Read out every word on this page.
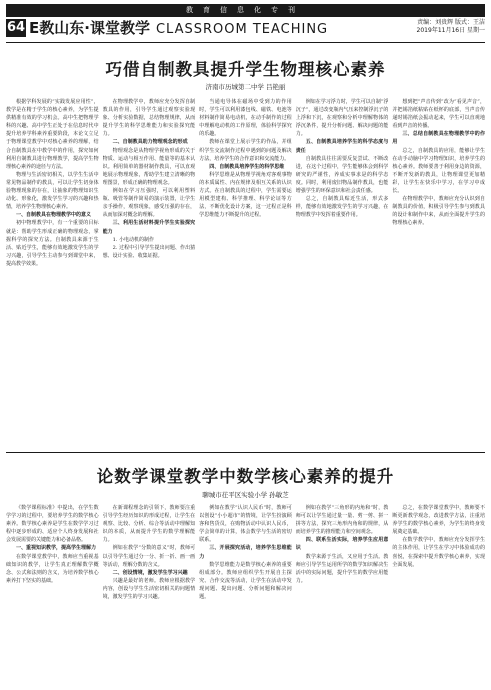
教育信息化专刊
64 E教山东·课堂教学 CLASSROOM TEACHING	责编：刘贵辉 版式：王洁
2019年11月16日 星期一
巧借自制教具提升学生物理核心素养
济南市历城第二中学 吕艳丽

根据学科发展的“实践发展应用性”，教学是在精于学生的核心素养，为学生提供精准有效的学习机会。高中生把物理学科的兴趣、高中学生正处于在信息时代中提升培养学科素养重要阶段，本论文立足于物理课堂教学中对核心素养的理解，结合自制教具在中教学中的作用，探究如何利用自制教具进行物理教学，提高学生物理核心素养的途径与方法。

物理与生活密切相关，以学生生活中常见物品制作的教具，可以让学生切身体验物理现象的存在，让抽象的物理知识生动化、形象化，激发学生学习的兴趣和热情，培养学生物理核心素养。

一、自制教具在物理教学中的意义

初中物理教学中，有一个重要的目标就是：帮助学生形成正确的物理观念，掌握科学的探究方法。自制教具来源于生活、贴近学生，能够有效地激发学生的学习兴趣，引导学生主动参与到课堂中来，提高教学效果。

在物理教学中，教师应充分发挥自制教具的作用，引导学生通过观察实验现象、分析实验数据，总结物理规律，从而提升学生的科学思维能力和实验探究能力。

二、自制教具助力物理观念的形成

物理观念是从物理学视角形成的关于物质、运动与相互作用、能量等的基本认识。利用简单的器材制作教具，可以直观地展示物理现象，帮助学生建立清晰的物理图景，形成正确的物理观念。

例如在学习压强时，可以利用塑料瓶、吸管等制作简易的演示装置，让学生亲手操作，观察现象，感受压强的存在，从而加深对概念的理解。

三、利用生活材料提升学生实验探究能力

1. 小电动机的制作

2. 过程中引导学生提出问题、作出猜想、设计实验、收集证据。

当通电导体在磁场中受到力的作用时，学生可以利用漆包线、磁铁、电池等材料制作简易电动机，在动手制作的过程中理解电动机的工作原理，体验科学探究的乐趣。

教师在课堂上展示学生的作品，并组织学生交流制作过程中遇到的问题及解决方法，培养学生的合作意识和交流能力。

四、自制教具培养学生的科学思维

科学思维是从物理学视角对客观事物的本质属性、内在规律及相互关系的认识方式。在自制教具的过程中，学生需要运用模型建构、科学推理、科学论证等方法，不断优化设计方案，这一过程正是科学思维能力不断提升的过程。

例如在学习浮力时，学生可以自制“浮沉子”，通过改变瓶内气压来控制浮沉子的上浮和下沉，在观察和分析中理解物体的浮沉条件，提升分析问题、解决问题的能力。

五、自制教具培养学生的科学态度与责任

自制教具往往需要反复尝试、不断改进，在这个过程中，学生能够体会到科学研究的严谨性，养成实事求是的科学态度。同时，利用废旧物品制作教具，也能增强学生的环保意识和社会责任感。

总之，自制教具贴近生活，形式多样，能够有效地激发学生的学习兴趣，在物理教学中发挥着重要作用。

想到把“声音传到”改为“看见声音”，并把锡箔纸粘贴在纸杯的底部，当声音传递时锡箔纸会振动起来，学生可以直观地看到声音的传播。

三、总结自制教具在物理教学中的作用

总之，自制教具的应用，能够让学生在动手动脑中学习物理知识，培养学生的核心素养。教师要善于利用身边的资源，不断开发新的教具，让物理课堂更加精彩，让学生在快乐中学习，在学习中成长。

在物理教学中，教师应充分认识到自制教具的价值，积极引导学生参与到教具的设计和制作中来，从而全面提升学生的物理核心素养。

论数学课堂教学中数学核心素养的提升
聊城市茌平区实验小学 孙敏芝

《数学课程标准》中提出，在学生数学学习的过程中，要培养学生的数学核心素养。数学核心素养是学生在数学学习过程中逐步形成的、适应个人终身发展和社会发展需要的关键能力和必备品格。

一、重视知识教学，提高学生理解力

在数学课堂教学中，教师应当重视基础知识的教学，让学生真正理解数学概念、公式和法则的含义，为培养数学核心素养打下坚实的基础。

在新课程理念的引领下，教师要注重引导学生经历知识的形成过程，让学生在观察、比较、分析、综合等活动中理解知识的本质，从而提升学生的数学理解能力。

例如在教学“分数的意义”时，教师可以引导学生通过分一分、折一折、画一画等活动，理解分数的含义。

二、创设情境，激发学生学习兴趣

兴趣是最好的老师。教师应根据教学内容，创设与学生生活密切相关的问题情境，激发学生的学习兴趣。

例如在教学“认识人民币”时，教师可以创设“小小超市”的情境，让学生扮演顾客和售货员，在购物活动中认识人民币，学会简单的计算，体会数学与生活的密切联系。

三、开展探究活动，培养学生思维能力

数学思维能力是数学核心素养的重要组成部分。教师应组织学生开展自主探究、合作交流等活动，让学生在活动中发现问题、提出问题、分析问题和解决问题。

例如在教学“三角形的内角和”时，教师可以让学生通过量一量、剪一剪、拼一拼等方法，探究三角形内角和的规律，从而培养学生的推理能力和空间观念。

四、联系生活实际，培养学生应用意识

数学来源于生活，又应用于生活。教师应引导学生运用所学的数学知识解决生活中的实际问题，提升学生的数学应用能力。

总之，在数学课堂教学中，教师要不断更新教学观念，改进教学方法，注重培养学生的数学核心素养，为学生的终身发展奠定基础。

在数学教学中，教师应充分发挥学生的主体作用，让学生在学习中体验成功的喜悦，在探索中提升数学核心素养，实现全面发展。
